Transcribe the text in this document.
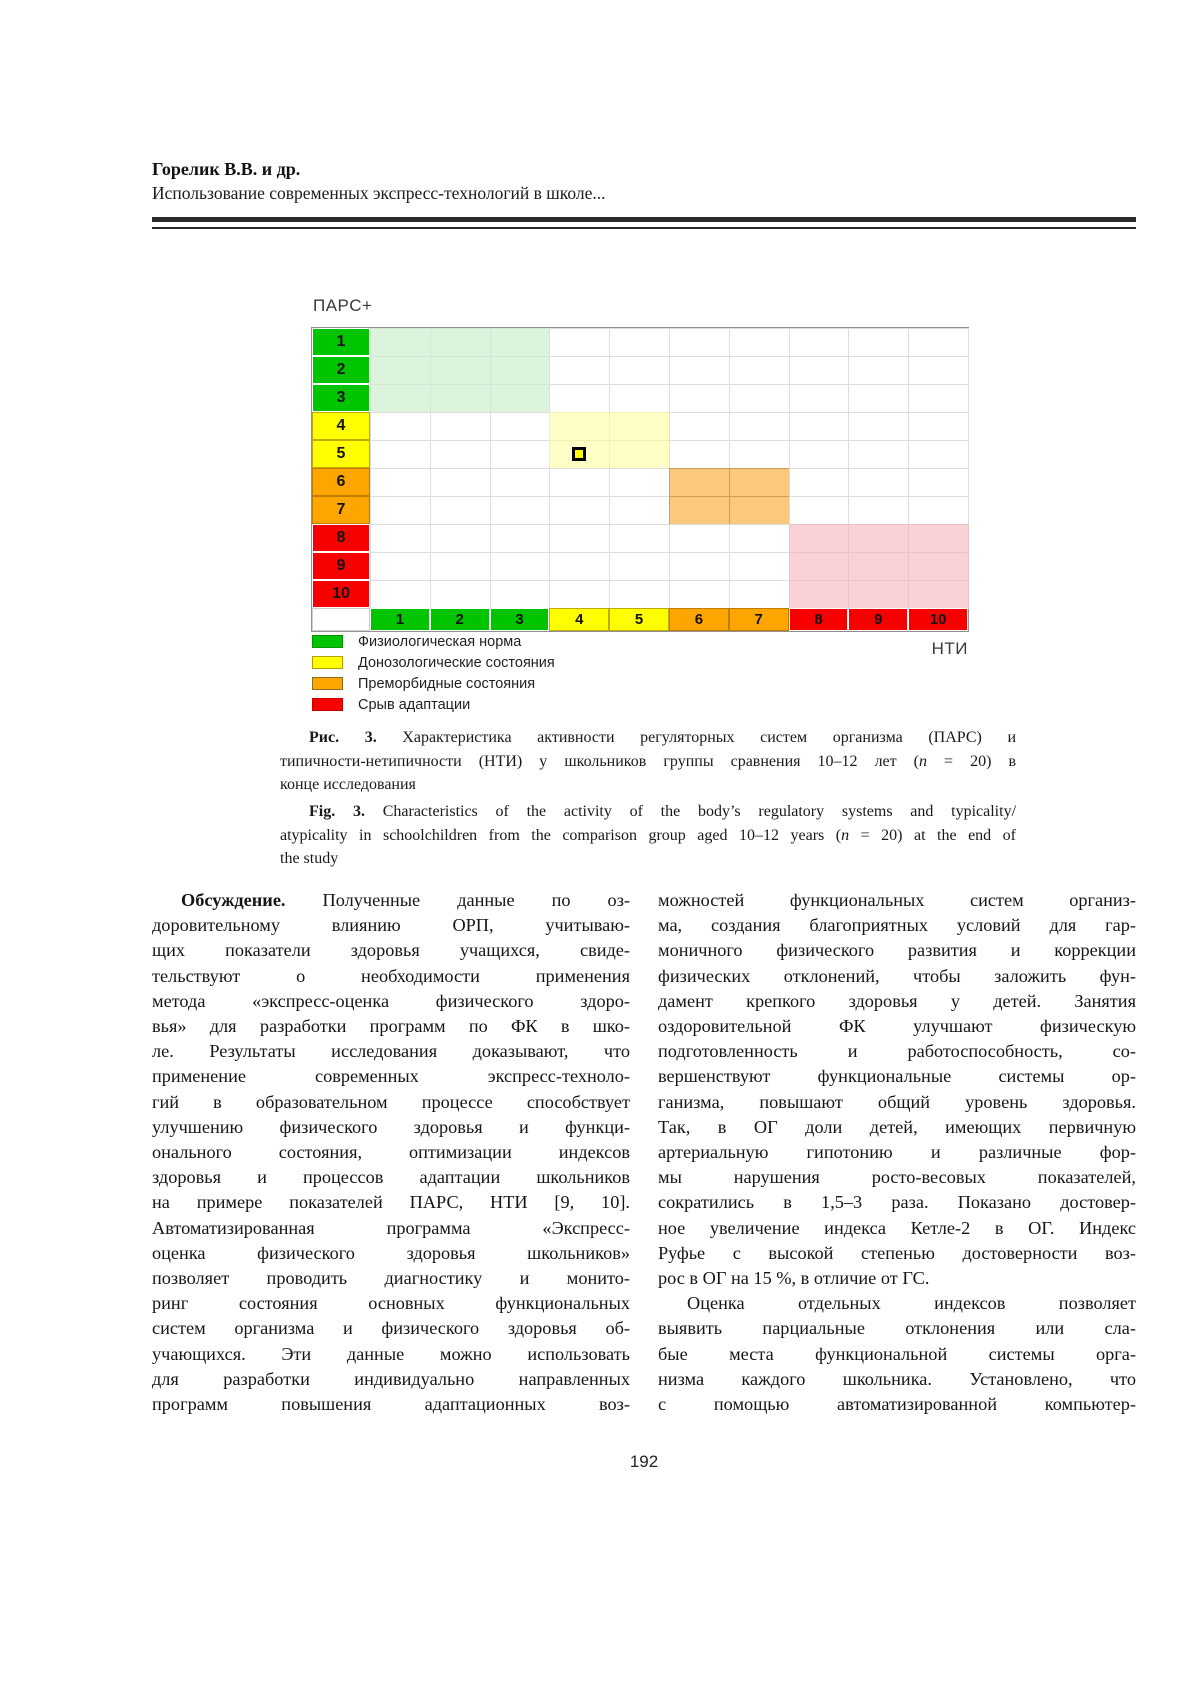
Горелик В.В. и др.
Использование современных экспресс-технологий в школе...
ПАРС+
1
2
3
4
5
6
7
8
9
10
1	2	3	4	5	6	7	8	9	10
НТИ
Физиологическая норма
Донозологические состояния
Преморбидные состояния
Срыв адаптации
Рис. 3. Характеристика активности регуляторных систем организма (ПАРС) и
типичности-нетипичности (НТИ) у школьников группы сравнения 10–12 лет (n = 20) в
конце исследования
Fig. 3. Characteristics of the activity of the body’s regulatory systems and typicality/
atypicality in schoolchildren from the comparison group aged 10–12 years (n = 20) at the end of
the study
Обсуждение. Полученные данные по оз-
доровительному влиянию ОРП, учитываю-
щих показатели здоровья учащихся, свиде-
тельствуют о необходимости применения
метода «экспресс-оценка физического здоро-
вья» для разработки программ по ФК в шко-
ле. Результаты исследования доказывают, что
применение современных экспресс-техноло-
гий в образовательном процессе способствует
улучшению физического здоровья и функци-
онального состояния, оптимизации индексов
здоровья и процессов адаптации школьников
на примере показателей ПАРС, НТИ [9, 10].
Автоматизированная программа «Экспресс-
оценка физического здоровья школьников»
позволяет проводить диагностику и монито-
ринг состояния основных функциональных
систем организма и физического здоровья об-
учающихся. Эти данные можно использовать
для разработки индивидуально направленных
программ повышения адаптационных воз-
можностей функциональных систем организ-
ма, создания благоприятных условий для гар-
моничного физического развития и коррекции
физических отклонений, чтобы заложить фун-
дамент крепкого здоровья у детей. Занятия
оздоровительной ФК улучшают физическую
подготовленность и работоспособность, со-
вершенствуют функциональные системы ор-
ганизма, повышают общий уровень здоровья.
Так, в ОГ доли детей, имеющих первичную
артериальную гипотонию и различные фор-
мы нарушения росто-весовых показателей,
сократились в 1,5–3 раза. Показано достовер-
ное увеличение индекса Кетле-2 в ОГ. Индекс
Руфье с высокой степенью достоверности воз-
рос в ОГ на 15 %, в отличие от ГС.
Оценка отдельных индексов позволяет
выявить парциальные отклонения или сла-
бые места функциональной системы орга-
низма каждого школьника. Установлено, что
с помощью автоматизированной компьютер-
192
